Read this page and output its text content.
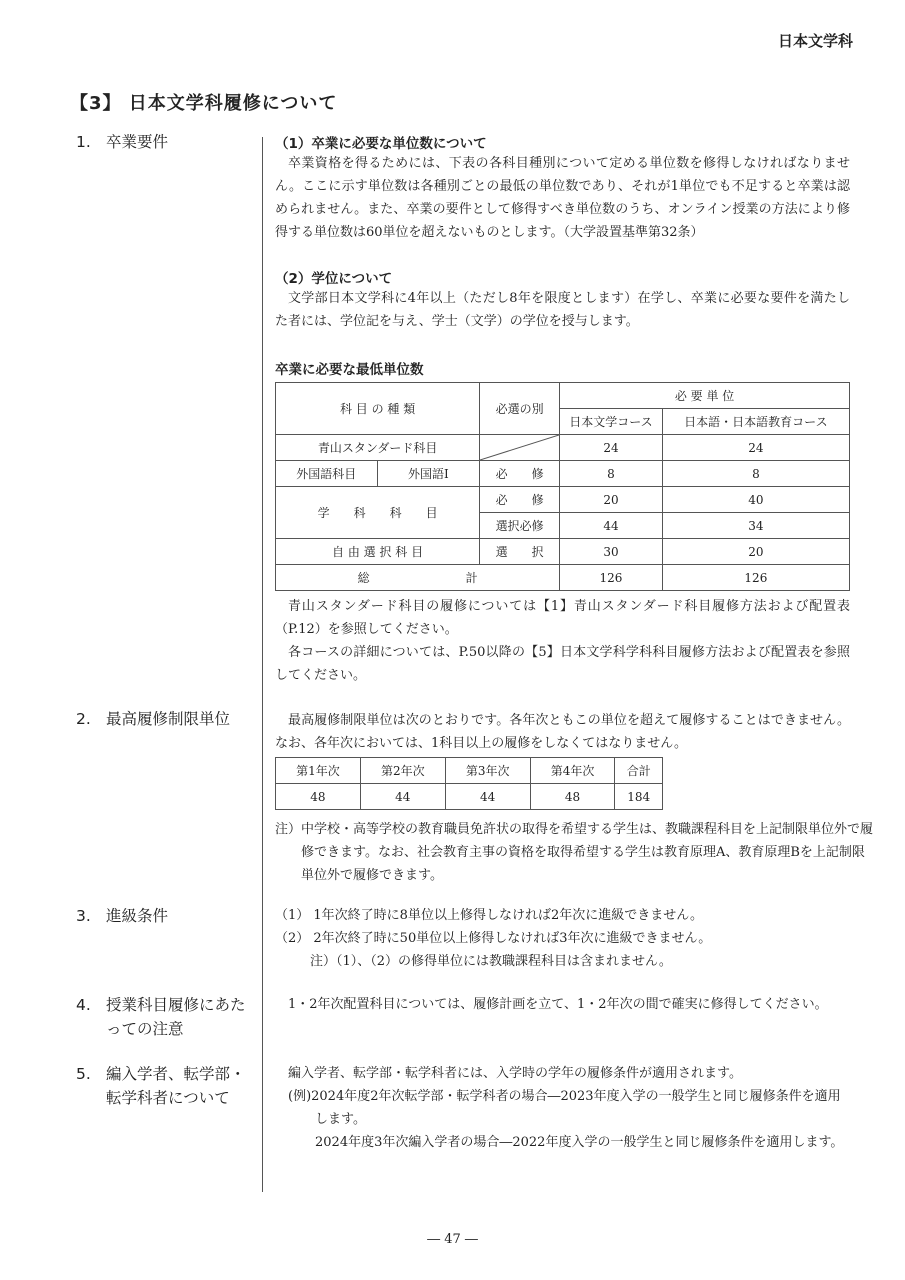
日本文学科
【3】 日本文学科履修について
1. 卒業要件	（1）卒業に必要な単位数について
卒業資格を得るためには、下表の各科目種別について定める単位数を修得しなければなりません。ここに示す単位数は各種別ごとの最低の単位数であり、それが1単位でも不足すると卒業は認められません。また、卒業の要件として修得すべき単位数のうち、オンライン授業の方法により修得する単位数は60単位を超えないものとします。（大学設置基準第32条）
（2）学位について
文学部日本文学科に4年以上（ただし8年を限度とします）在学し、卒業に必要な要件を満たした者には、学位記を与え、学士（文学）の学位を授与します。
卒業に必要な最低単位数
科 目 の 種 類		必選の別	必 要 単 位	
			日本文学コース	日本語・日本語教育コース
青山スタンダード科目			24	24
外国語科目	外国語Ⅰ	必　　修	8	8
学　　科　　科　　目		必　　修	20	40
		選択必修	44	34
自 由 選 択 科 目		選　　択	30	20
総　　　　　　　　計			126	126
青山スタンダード科目の履修については【1】青山スタンダード科目履修方法および配置表（P.12）を参照してください。
各コースの詳細については、P.50以降の【5】日本文学科学科科目履修方法および配置表を参照してください。
2. 最高履修制限単位	最高履修制限単位は次のとおりです。各年次ともこの単位を超えて履修することはできません。なお、各年次においては、1科目以上の履修をしなくてはなりません。
第1年次	第2年次	第3年次	第4年次	合計
48	44	44	48	184
注）中学校・高等学校の教育職員免許状の取得を希望する学生は、教職課程科目を上記制限単位外で履修できます。なお、社会教育主事の資格を取得希望する学生は教育原理A、教育原理Bを上記制限単位外で履修できます。
3. 進級条件	（1） 1年次終了時に8単位以上修得しなければ2年次に進級できません。
（2） 2年次終了時に50単位以上修得しなければ3年次に進級できません。
注）（1）、（2）の修得単位には教職課程科目は含まれません。
4. 授業科目履修にあた
っての注意
1・2年次配置科目については、履修計画を立て、1・2年次の間で確実に修得してください。
5. 編入学者、転学部・
転学科者について
編入学者、転学部・転学科者には、入学時の学年の履修条件が適用されます。
(例)2024年度2年次転学部・転学科者の場合―2023年度入学の一般学生と同じ履修条件を適用します。
2024年度3年次編入学者の場合―2022年度入学の一般学生と同じ履修条件を適用します。
― 47 ―
